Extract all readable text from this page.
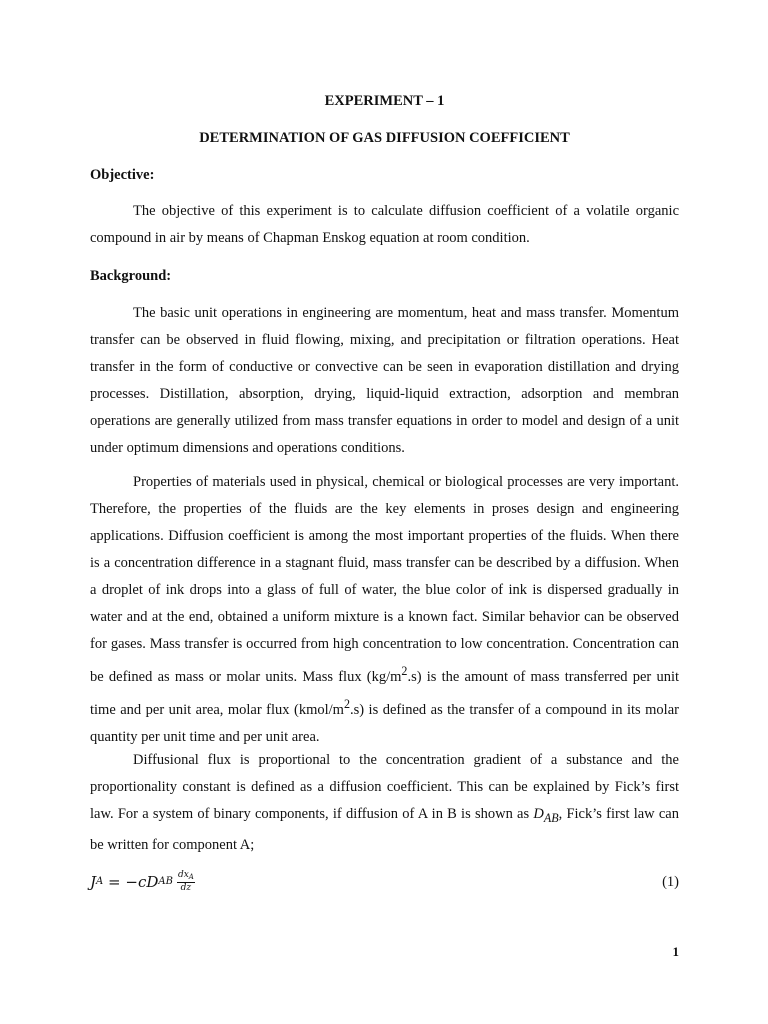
EXPERIMENT – 1

DETERMINATION OF GAS DIFFUSION COEFFICIENT

Objective:

The objective of this experiment is to calculate diffusion coefficient of a volatile organic compound in air by means of Chapman Enskog equation at room condition.

Background:

The basic unit operations in engineering are momentum, heat and mass transfer. Momentum transfer can be observed in fluid flowing, mixing, and precipitation or filtration operations. Heat transfer in the form of conductive or convective can be seen in evaporation distillation and drying processes. Distillation, absorption, drying, liquid-liquid extraction, adsorption and membran operations are generally utilized from mass transfer equations in order to model and design of a unit under optimum dimensions and operations conditions.

Properties of materials used in physical, chemical or biological processes are very important. Therefore, the properties of the fluids are the key elements in proses design and engineering applications. Diffusion coefficient is among the most important properties of the fluids. When there is a concentration difference in a stagnant fluid, mass transfer can be described by a diffusion. When a droplet of ink drops into a glass of full of water, the blue color of ink is dispersed gradually in water and at the end, obtained a uniform mixture is a known fact. Similar behavior can be observed for gases. Mass transfer is occurred from high concentration to low concentration. Concentration can be defined as mass or molar units. Mass flux $(kg/m^2.s)$ is the amount of mass transferred per unit time and per unit area, molar flux $(kmol/m^2.s)$ is defined as the transfer of a compound in its molar quantity per unit time and per unit area.

Diffusional flux is proportional to the concentration gradient of a substance and the proportionality constant is defined as a diffusion coefficient. This can be explained by Fick’s first law. For a system of binary components, if diffusion of A in B is shown as $D_{AB}$, Fick’s first law can be written for component A;

J A = − c D AB $\frac{dx_A}{dz}$	(1)
1
